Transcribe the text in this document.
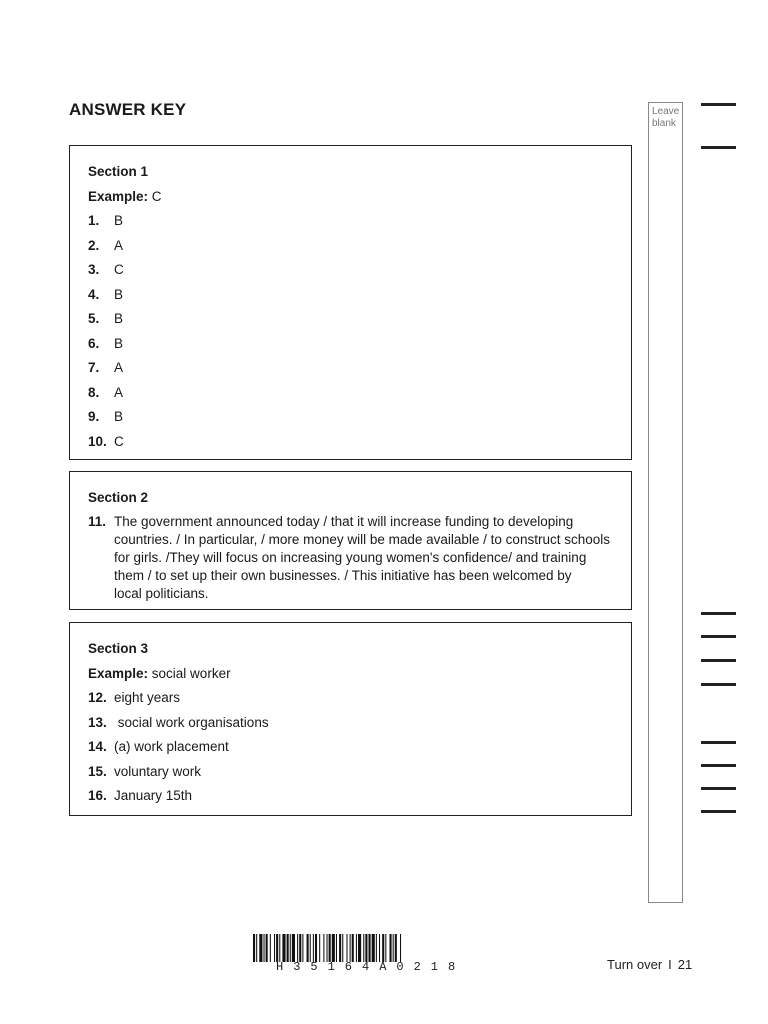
ANSWER KEY
Section 1
Example: C
1. B
2. A
3. C
4. B
5. B
6. B
7. A
8. A
9. B
10. C
Section 2
11. The government announced today / that it will increase funding to developing
countries. / In particular, / more money will be made available / to construct schools
for girls. /They will focus on increasing young women's confidence/ and training
them / to set up their own businesses. / This initiative has been welcomed by
local politicians.
Section 3
Example: social worker
12. eight years
13. social work organisations
14. (a) work placement
15. voluntary work
16. January 15th
Leave blank
H35164A0218	Turn over I 21
